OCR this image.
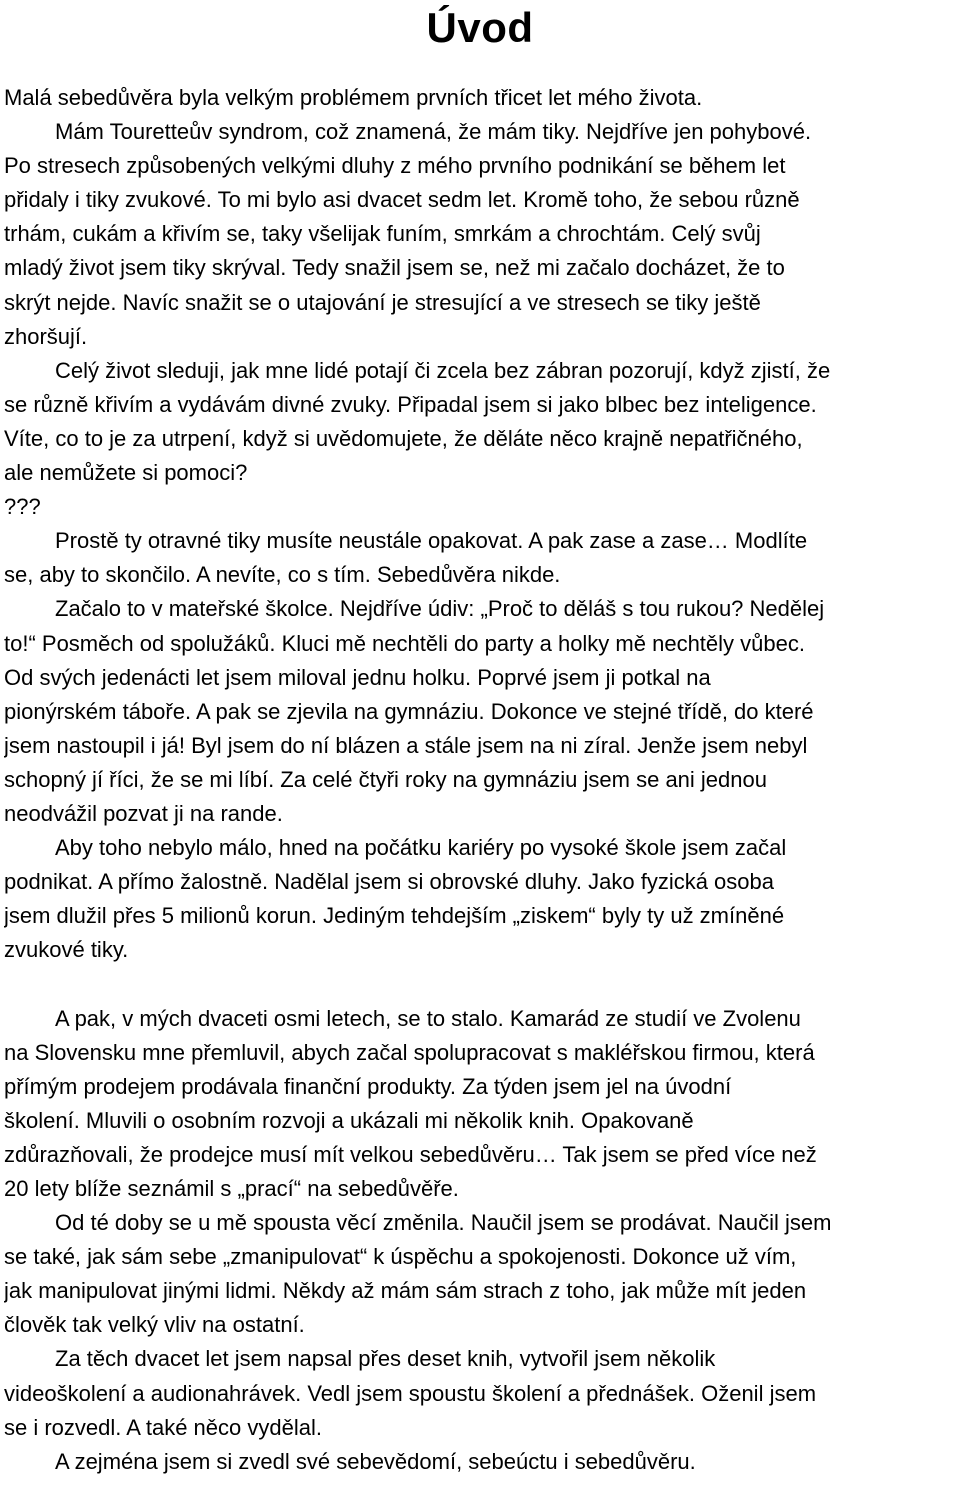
Úvod
Malá sebedůvěra byla velkým problémem prvních třicet let mého života.
Mám Touretteův syndrom, což znamená, že mám tiky. Nejdříve jen pohybové.
Po stresech způsobených velkými dluhy z mého prvního podnikání se během let
přidaly i tiky zvukové. To mi bylo asi dvacet sedm let. Kromě toho, že sebou různě
trhám, cukám a křivím se, taky všelijak funím, smrkám a chrochtám. Celý svůj
mladý život jsem tiky skrýval. Tedy snažil jsem se, než mi začalo docházet, že to
skrýt nejde. Navíc snažit se o utajování je stresující a ve stresech se tiky ještě
zhoršují.
Celý život sleduji, jak mne lidé potají či zcela bez zábran pozorují, když zjistí, že
se různě křivím a vydávám divné zvuky. Připadal jsem si jako blbec bez inteligence.
Víte, co to je za utrpení, když si uvědomujete, že děláte něco krajně nepatřičného,
ale nemůžete si pomoci?
???
Prostě ty otravné tiky musíte neustále opakovat. A pak zase a zase… Modlíte
se, aby to skončilo. A nevíte, co s tím. Sebedůvěra nikde.
Začalo to v mateřské školce. Nejdříve údiv: „Proč to děláš s tou rukou? Nedělej
to!“ Posměch od spolužáků. Kluci mě nechtěli do party a holky mě nechtěly vůbec.
Od svých jedenácti let jsem miloval jednu holku. Poprvé jsem ji potkal na
pionýrském táboře. A pak se zjevila na gymnáziu. Dokonce ve stejné třídě, do které
jsem nastoupil i já! Byl jsem do ní blázen a stále jsem na ni zíral. Jenže jsem nebyl
schopný jí říci, že se mi líbí. Za celé čtyři roky na gymnáziu jsem se ani jednou
neodvážil pozvat ji na rande.
Aby toho nebylo málo, hned na počátku kariéry po vysoké škole jsem začal
podnikat. A přímo žalostně. Nadělal jsem si obrovské dluhy. Jako fyzická osoba
jsem dlužil přes 5 milionů korun. Jediným tehdejším „ziskem“ byly ty už zmíněné
zvukové tiky.
A pak, v mých dvaceti osmi letech, se to stalo. Kamarád ze studií ve Zvolenu
na Slovensku mne přemluvil, abych začal spolupracovat s makléřskou firmou, která
přímým prodejem prodávala finanční produkty. Za týden jsem jel na úvodní
školení. Mluvili o osobním rozvoji a ukázali mi několik knih. Opakovaně
zdůrazňovali, že prodejce musí mít velkou sebedůvěru… Tak jsem se před více než
20 lety blíže seznámil s „prací“ na sebedůvěře.
Od té doby se u mě spousta věcí změnila. Naučil jsem se prodávat. Naučil jsem
se také, jak sám sebe „zmanipulovat“ k úspěchu a spokojenosti. Dokonce už vím,
jak manipulovat jinými lidmi. Někdy až mám sám strach z toho, jak může mít jeden
člověk tak velký vliv na ostatní.
Za těch dvacet let jsem napsal přes deset knih, vytvořil jsem několik
videoškolení a audionahrávek. Vedl jsem spoustu školení a přednášek. Oženil jsem
se i rozvedl. A také něco vydělal.
A zejména jsem si zvedl své sebevědomí, sebeúctu i sebedůvěru.
